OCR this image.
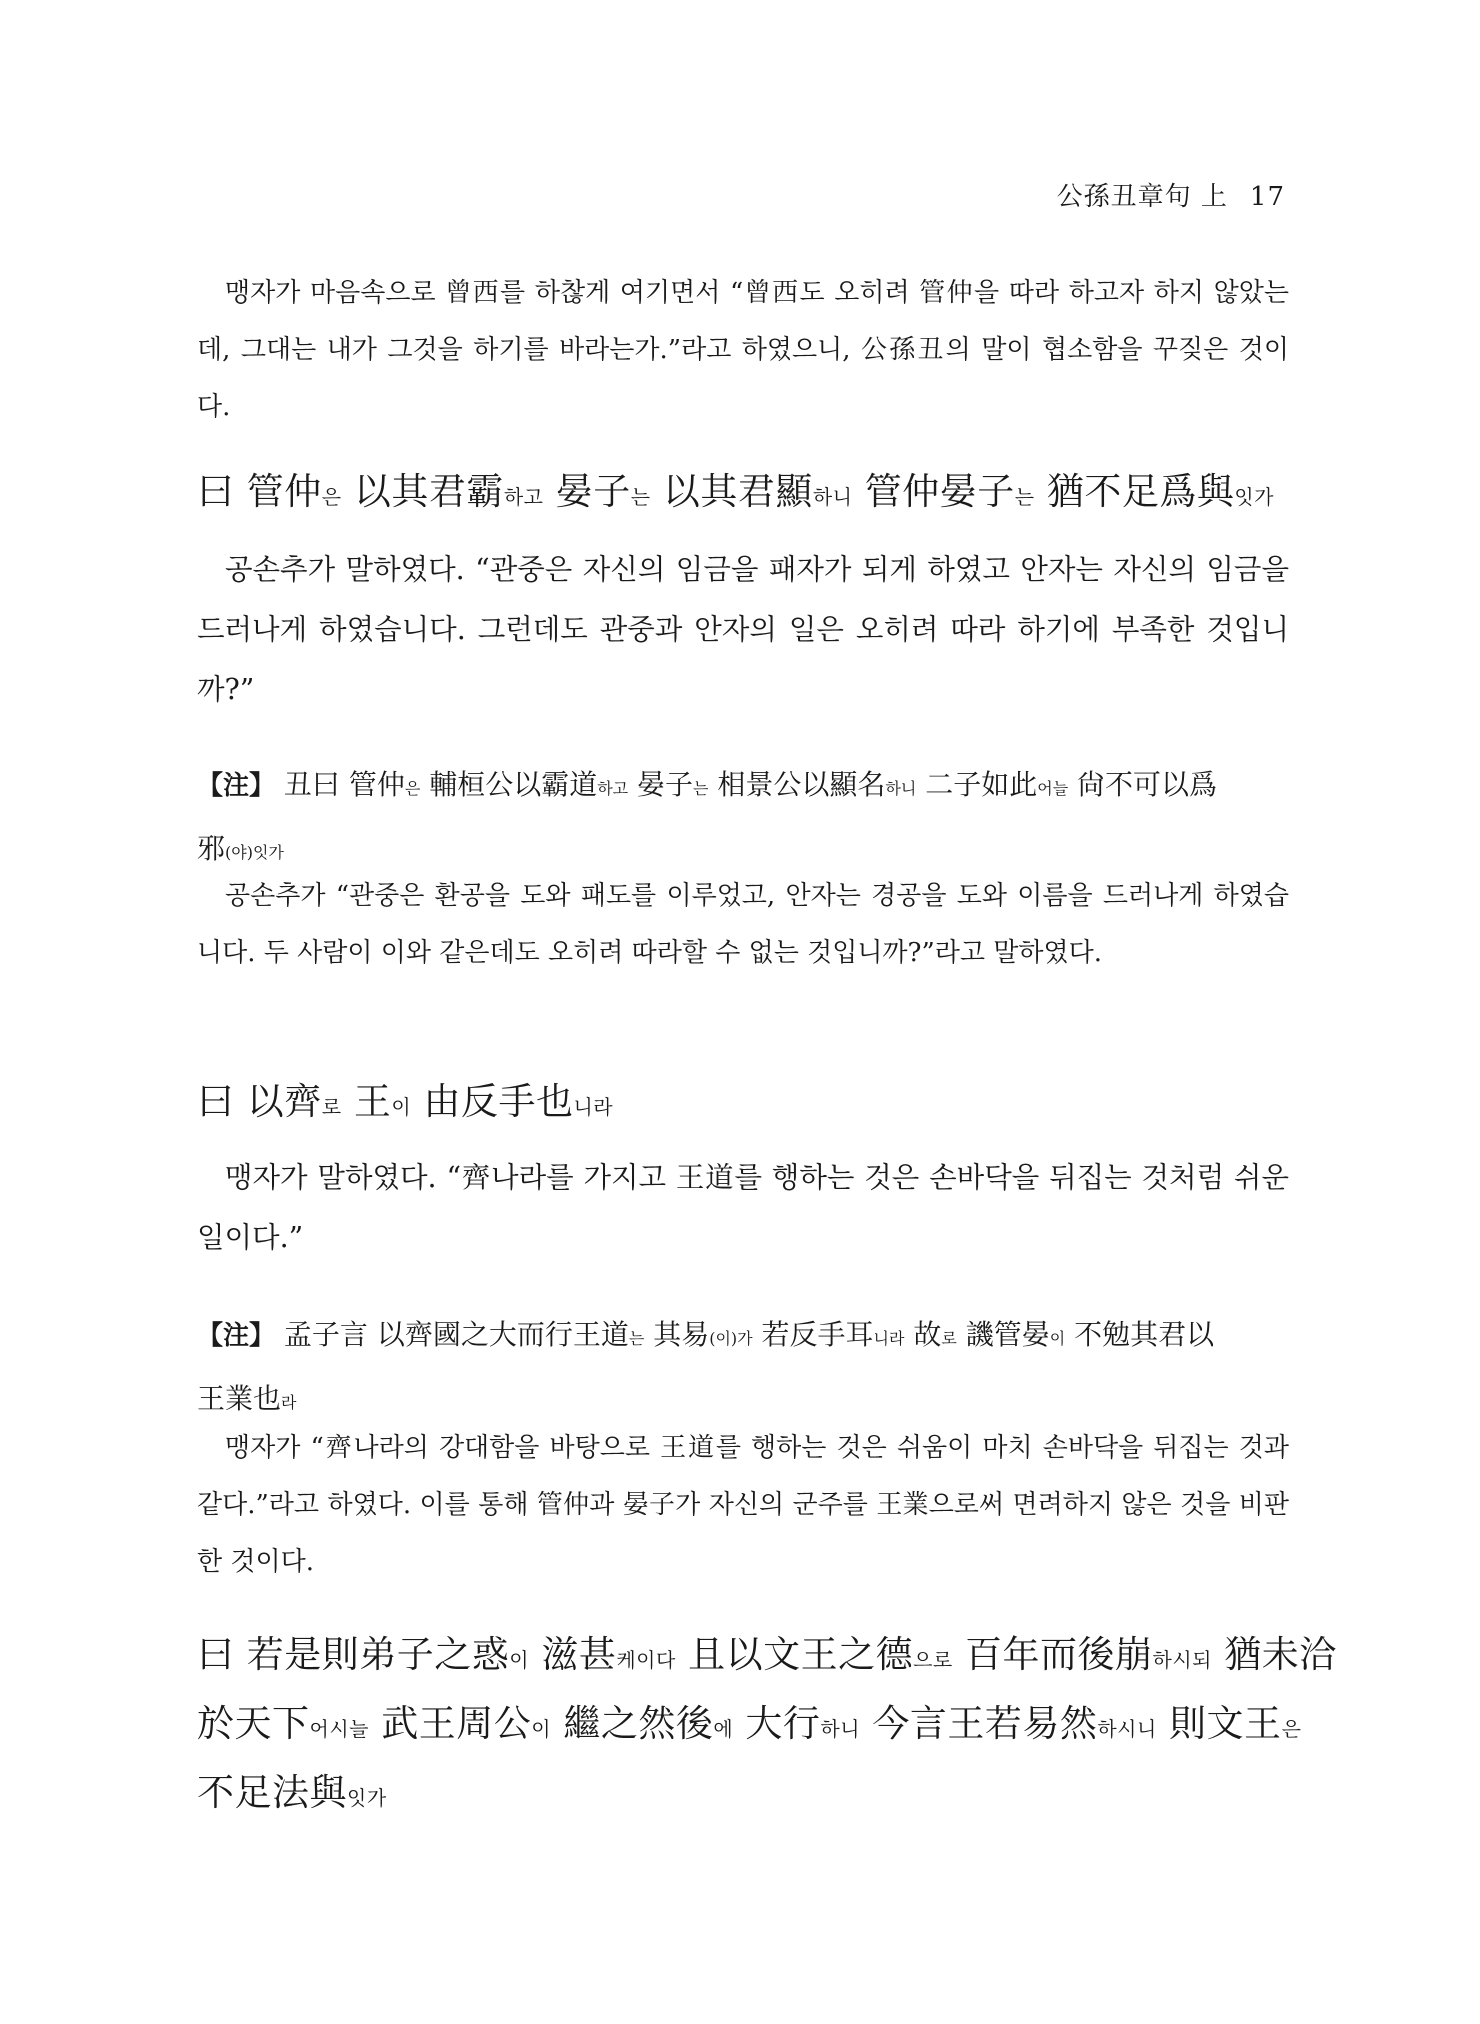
公孫丑章句 上 17
맹자가 마음속으로 曾西를 하찮게 여기면서 “曾西도 오히려 管仲을 따라 하고자 하지 않았는데, 그대는 내가 그것을 하기를 바라는가.”라고 하였으니, 公孫丑의 말이 협소함을 꾸짖은 것이다.
曰 管仲은 以其君霸하고 晏子는 以其君顯하니 管仲晏子는 猶不足爲與잇가
공손추가 말하였다. “관중은 자신의 임금을 패자가 되게 하였고 안자는 자신의 임금을 드러나게 하였습니다. 그런데도 관중과 안자의 일은 오히려 따라 하기에 부족한 것입니까?”
【注】 丑曰 管仲은 輔桓公以霸道하고 晏子는 相景公以顯名하니 二子如此어늘 尙不可以爲
邪(야)잇가
공손추가 “관중은 환공을 도와 패도를 이루었고, 안자는 경공을 도와 이름을 드러나게 하였습니다. 두 사람이 이와 같은데도 오히려 따라할 수 없는 것입니까?”라고 말하였다.
曰 以齊로 王이 由反手也니라
맹자가 말하였다. “齊나라를 가지고 王道를 행하는 것은 손바닥을 뒤집는 것처럼 쉬운 일이다.”
【注】 孟子言 以齊國之大而行王道는 其易(이)가 若反手耳니라 故로 譏管晏이 不勉其君以
王業也라
맹자가 “齊나라의 강대함을 바탕으로 王道를 행하는 것은 쉬움이 마치 손바닥을 뒤집는 것과 같다.”라고 하였다. 이를 통해 管仲과 晏子가 자신의 군주를 王業으로써 면려하지 않은 것을 비판한 것이다.
曰 若是則弟子之惑이 滋甚케이다 且以文王之德으로 百年而後崩하시되 猶未洽
於天下어시늘 武王周公이 繼之然後에 大行하니 今言王若易然하시니 則文王은
不足法與잇가
